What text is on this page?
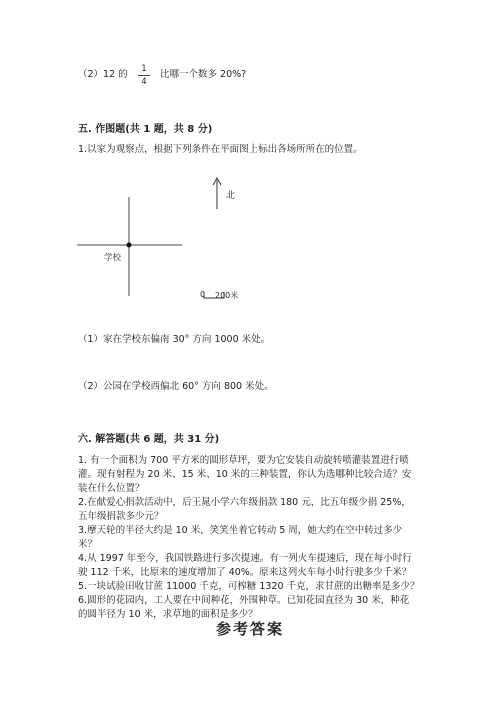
（2）12 的	1
4
比哪一个数多 20%?
五. 作图题(共 1 题，共 8 分)
1.以家为观察点，根据下列条件在平面图上标出各场所所在的位置。
北
学校
0 200米
（1）家在学校东偏南 30° 方向 1000 米处。
（2）公园在学校西偏北 60° 方向 800 米处。
六. 解答题(共 6 题，共 31 分)
1. 有一个面积为 700 平方米的圆形草坪，要为它安装自动旋转喷灌装置进行喷
灌。现有射程为 20 米、15 米、10 米的三种装置，你认为选哪种比较合适？安
装在什么位置？
2.在献爱心捐款活动中，后王晁小学六年级捐款 180 元，比五年级少捐 25%，
五年级捐款多少元？
3.摩天轮的半径大约是 10 米，笑笑坐着它转动 5 周，她大约在空中转过多少
米？
4.从 1997 年至今，我国铁路进行多次提速。有一列火车提速后，现在每小时行
驶 112 千米，比原来的速度增加了 40%。原来这列火车每小时行驶多少千米？
5.一块试验田收甘蔗 11000 千克，可榨糖 1320 千克，求甘蔗的出糖率是多少？
6.圆形的花园内，工人要在中间种花，外围种草。已知花园直径为 30 米，种花
的圆半径为 10 米，求草地的面积是多少？
参考答案
